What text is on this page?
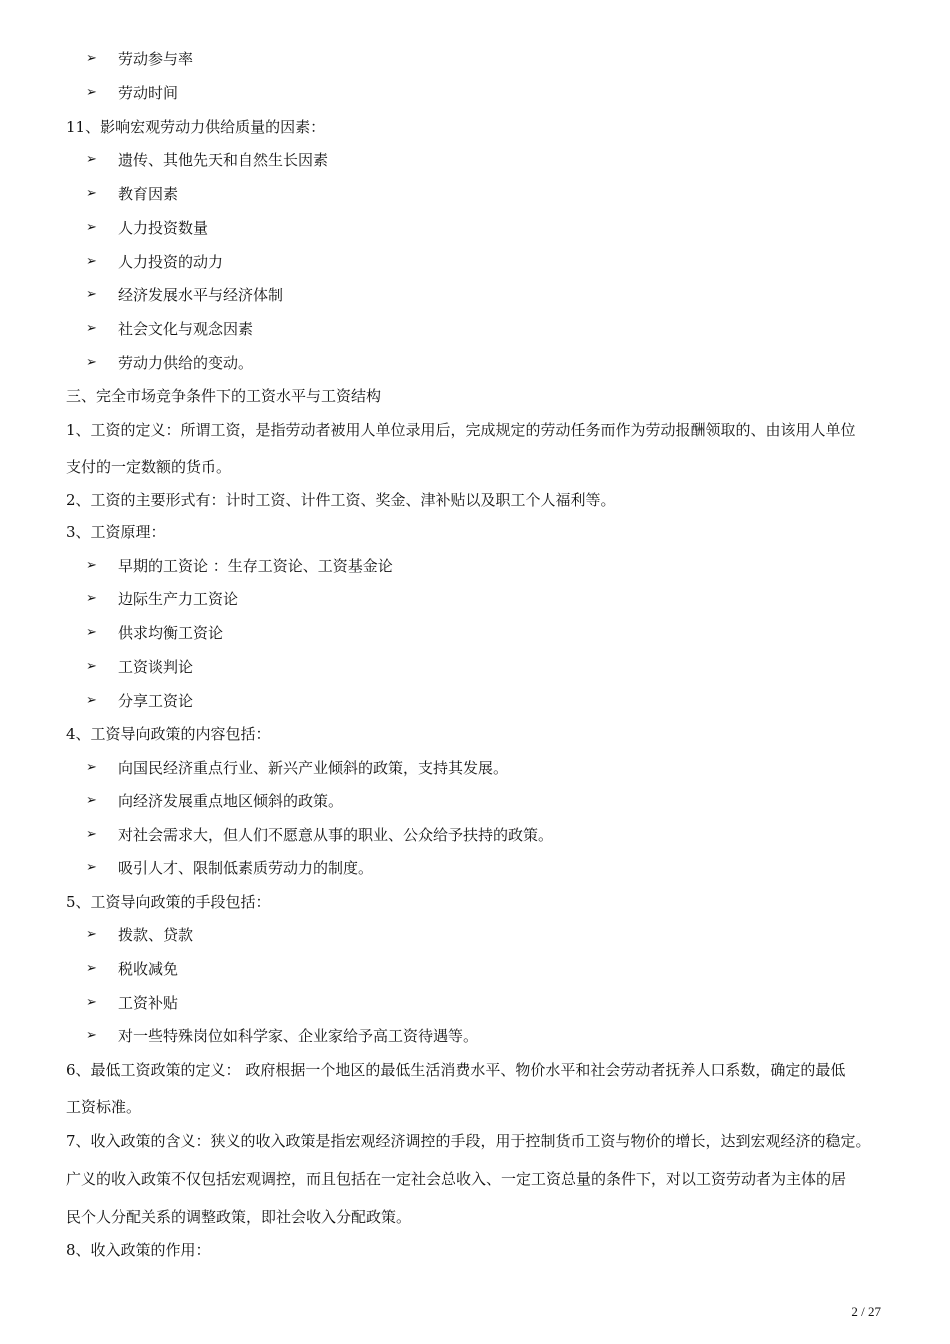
➢ 劳动参与率
➢ 劳动时间
11、影响宏观劳动力供给质量的因素：
➢ 遗传、其他先天和自然生长因素
➢ 教育因素
➢ 人力投资数量
➢ 人力投资的动力
➢ 经济发展水平与经济体制
➢ 社会文化与观念因素
➢ 劳动力供给的变动。
三、完全市场竞争条件下的工资水平与工资结构
1、工资的定义：所谓工资，是指劳动者被用人单位录用后，完成规定的劳动任务而作为劳动报酬领取的、由该用人单位
支付的一定数额的货币。
2、工资的主要形式有：计时工资、计件工资、奖金、津补贴以及职工个人福利等。
3、工资原理：
➢ 早期的工资论 ：生存工资论、工资基金论
➢ 边际生产力工资论
➢ 供求均衡工资论
➢ 工资谈判论
➢ 分享工资论
4、工资导向政策的内容包括：
➢ 向国民经济重点行业、新兴产业倾斜的政策，支持其发展。
➢ 向经济发展重点地区倾斜的政策。
➢ 对社会需求大，但人们不愿意从事的职业、公众给予扶持的政策。
➢ 吸引人才、限制低素质劳动力的制度。
5、工资导向政策的手段包括：
➢ 拨款、贷款
➢ 税收减免
➢ 工资补贴
➢ 对一些特殊岗位如科学家、企业家给予高工资待遇等。
6、最低工资政策的定义： 政府根据一个地区的最低生活消费水平、物价水平和社会劳动者抚养人口系数，确定的最低
工资标准。
7、收入政策的含义：狭义的收入政策是指宏观经济调控的手段，用于控制货币工资与物价的增长，达到宏观经济的稳定。
广义的收入政策不仅包括宏观调控，而且包括在一定社会总收入、一定工资总量的条件下，对以工资劳动者为主体的居
民个人分配关系的调整政策，即社会收入分配政策。
8、收入政策的作用：
2 / 27
